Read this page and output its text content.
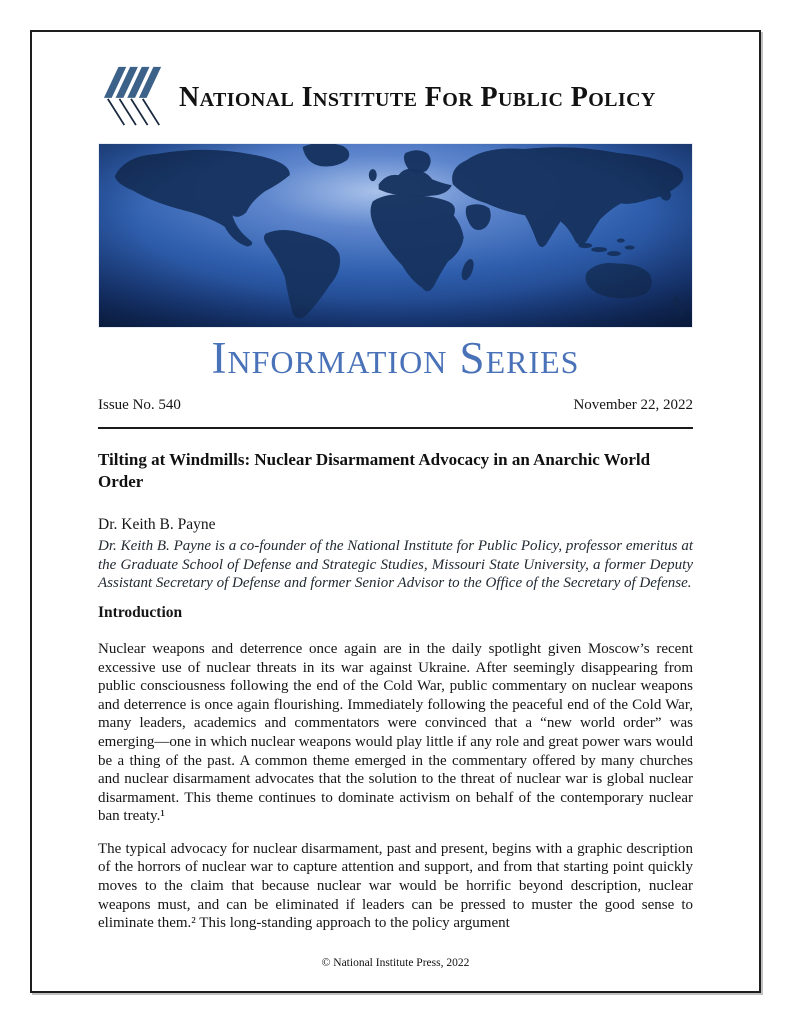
National Institute For Public Policy
Information Series
Issue No. 540	November 22, 2022
Tilting at Windmills: Nuclear Disarmament Advocacy in an Anarchic World Order
Dr. Keith B. Payne
Dr. Keith B. Payne is a co-founder of the National Institute for Public Policy, professor emeritus at the Graduate School of Defense and Strategic Studies, Missouri State University, a former Deputy Assistant Secretary of Defense and former Senior Advisor to the Office of the Secretary of Defense.
Introduction

Nuclear weapons and deterrence once again are in the daily spotlight given Moscow’s recent excessive use of nuclear threats in its war against Ukraine. After seemingly disappearing from public consciousness following the end of the Cold War, public commentary on nuclear weapons and deterrence is once again flourishing. Immediately following the peaceful end of the Cold War, many leaders, academics and commentators were convinced that a “new world order” was emerging—one in which nuclear weapons would play little if any role and great power wars would be a thing of the past. A common theme emerged in the commentary offered by many churches and nuclear disarmament advocates that the solution to the threat of nuclear war is global nuclear disarmament. This theme continues to dominate activism on behalf of the contemporary nuclear ban treaty.¹

The typical advocacy for nuclear disarmament, past and present, begins with a graphic description of the horrors of nuclear war to capture attention and support, and from that starting point quickly moves to the claim that because nuclear war would be horrific beyond description, nuclear weapons must, and can be eliminated if leaders can be pressed to muster the good sense to eliminate them.² This long-standing approach to the policy argument

© National Institute Press, 2022
